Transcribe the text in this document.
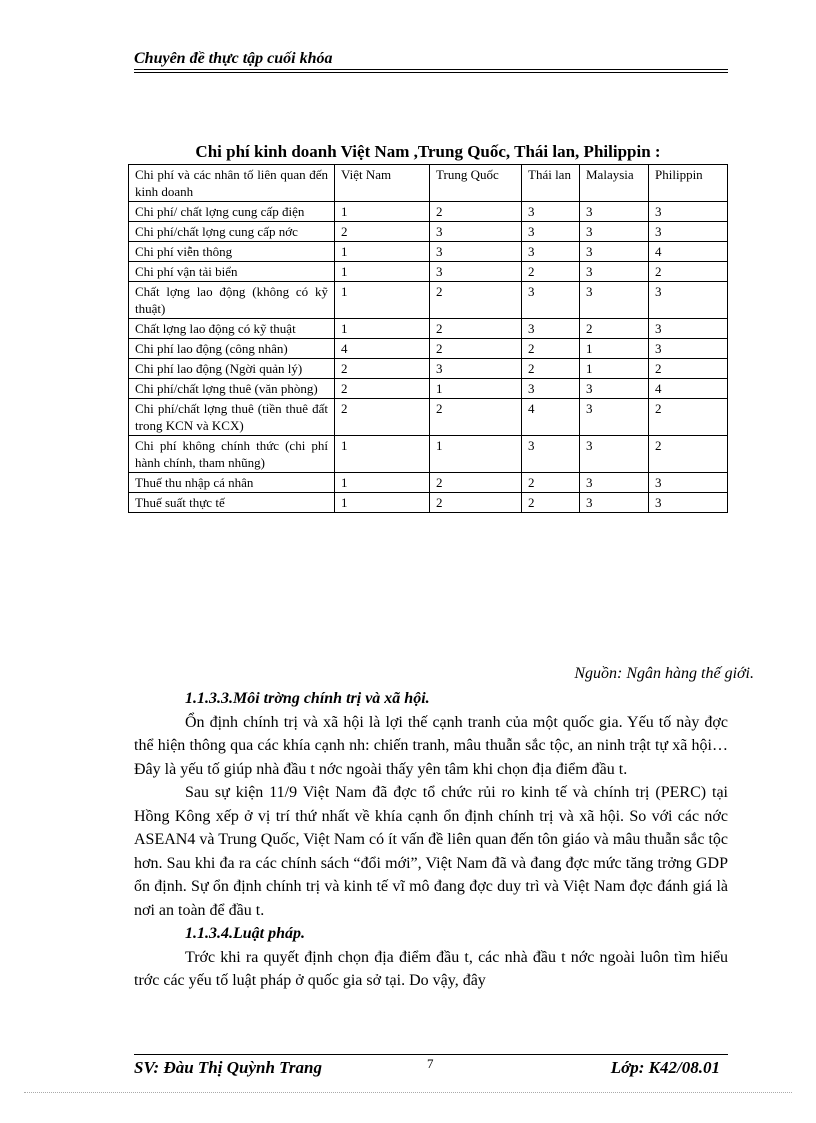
Chuyên đề thực tập cuối khóa
Chi phí kinh doanh Việt Nam ,Trung Quốc, Thái lan, Philippin :
Chi phí và các nhân tố liên quan đến kinh doanh	Việt Nam	Trung Quốc	Thái lan	Malaysia	Philippin
Chi phí/ chất lợng cung cấp điện	1	2	3	3	3
Chi phí/chất lợng cung cấp nớc	2	3	3	3	3
Chi phí viễn thông	1	3	3	3	4
Chi phí vận tải biển	1	3	2	3	2
Chất lợng lao động (không có kỹ thuật)	1	2	3	3	3
Chất lợng lao động có kỹ thuật	1	2	3	2	3
Chi phí lao động (công nhân)	4	2	2	1	3
Chi phí lao động (Ngời quản lý)	2	3	2	1	2
Chi phí/chất lợng thuê (văn phòng)	2	1	3	3	4
Chi phí/chất lợng thuê (tiền thuê đất trong KCN và KCX)	2	2	4	3	2
Chi phí không chính thức (chi phí hành chính, tham nhũng)	1	1	3	3	2
Thuế thu nhập cá nhân	1	2	2	3	3
Thuế suất thực tế	1	2	2	3	3
Nguồn: Ngân hàng thế giới.
1.1.3.3.Môi trờng chính trị và xã hội.

Ổn định chính trị và xã hội là lợi thế cạnh tranh của một quốc gia. Yếu tố này đợc thể hiện thông qua các khía cạnh nh: chiến tranh, mâu thuẫn sắc tộc, an ninh trật tự xã hội… Đây là yếu tố giúp nhà đầu t nớc ngoài thấy yên tâm khi chọn địa điểm đầu t.

Sau sự kiện 11/9 Việt Nam đã đợc tổ chức rủi ro kinh tế và chính trị (PERC) tại Hồng Kông xếp ở vị trí thứ nhất về khía cạnh ổn định chính trị và xã hội. So với các nớc ASEAN4 và Trung Quốc, Việt Nam có ít vấn đề liên quan đến tôn giáo và mâu thuẫn sắc tộc hơn. Sau khi đa ra các chính sách “đổi mới”, Việt Nam đã và đang đợc mức tăng trởng GDP ổn định. Sự ổn định chính trị và kinh tế vĩ mô đang đợc duy trì và Việt Nam đợc đánh giá là nơi an toàn để đầu t.

1.1.3.4.Luật pháp.

Trớc khi ra quyết định chọn địa điểm đầu t, các nhà đầu t nớc ngoài luôn tìm hiểu trớc các yếu tố luật pháp ở quốc gia sở tại. Do vậy, đây

SV: Đàu Thị Quỳnh Trang	7	Lớp: K42/08.01
